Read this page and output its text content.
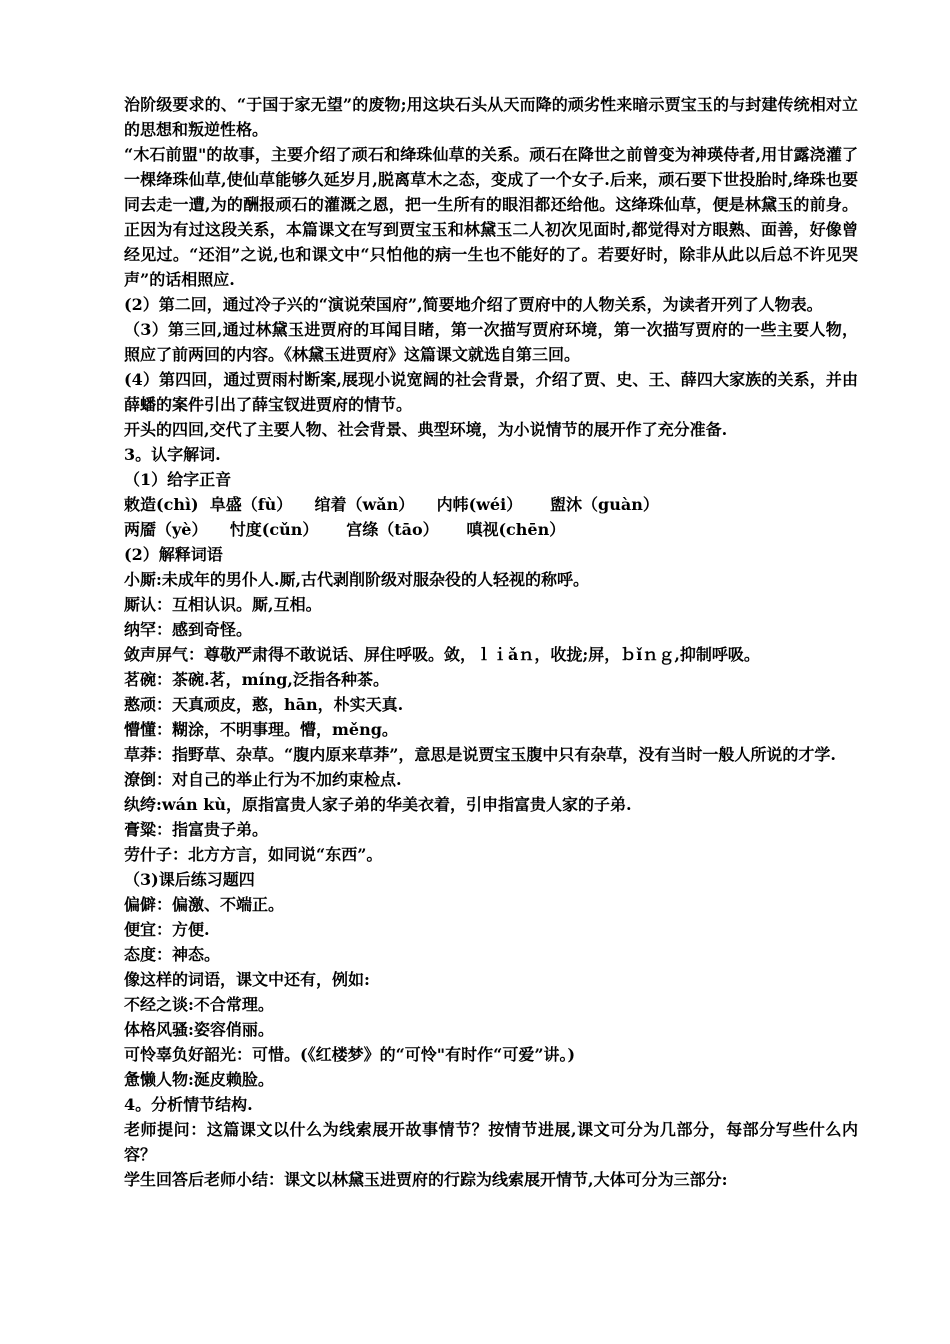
治阶级要求的、“于国于家无望”的废物;用这块石头从天而降的顽劣性来暗示贾宝玉的与封建传统相对立的思想和叛逆性格。

“木石前盟"的故事，主要介绍了顽石和绛珠仙草的关系。顽石在降世之前曾变为神瑛侍者,用甘露浇灌了一棵绛珠仙草,使仙草能够久延岁月,脱离草木之态，变成了一个女子.后来，顽石要下世投胎时,绛珠也要同去走一遭,为的酬报顽石的灌溉之恩，把一生所有的眼泪都还给他。这绛珠仙草，便是林黛玉的前身。正因为有过这段关系，本篇课文在写到贾宝玉和林黛玉二人初次见面时,都觉得对方眼熟、面善，好像曾经见过。“还泪”之说,也和课文中“只怕他的病一生也不能好的了。若要好时，除非从此以后总不许见哭声”的话相照应.

(2）第二回，通过冷子兴的“演说荣国府”,简要地介绍了贾府中的人物关系，为读者开列了人物表。

（3）第三回,通过林黛玉进贾府的耳闻目睹，第一次描写贾府环境，第一次描写贾府的一些主要人物，照应了前两回的内容。《林黛玉进贾府》这篇课文就选自第三回。

(4）第四回，通过贾雨村断案,展现小说宽阔的社会背景，介绍了贾、史、王、薛四大家族的关系，并由薛蟠的案件引出了薛宝钗进贾府的情节。

开头的四回,交代了主要人物、社会背景、典型环境，为小说情节的展开作了充分准备.

3。认字解词.

（1）给字正音

敕造(chì)  阜盛（fù）    绾着（wǎn）    内帏(wéi）     盥沐（guàn）

两靥（yè）    忖度(cǔn）     宫绦（tāo）     嗔视(chēn）

(2）解释词语

小厮:未成年的男仆人.厮,古代剥削阶级对服杂役的人轻视的称呼。

厮认：互相认识。厮,互相。

纳罕：感到奇怪。

敛声屏气：尊敬严肃得不敢说话、屏住呼吸。敛，ｌｉǎｎ，收拢;屏，ｂǐｎｇ,抑制呼吸。

茗碗：茶碗.茗，míng,泛指各种茶。

憨顽：天真顽皮，憨，hān，朴实天真.

懵懂：糊涂，不明事理。懵，měng。

草莽：指野草、杂草。“腹内原来草莽”，意思是说贾宝玉腹中只有杂草，没有当时一般人所说的才学.

潦倒：对自己的举止行为不加约束检点.

纨绔:wán kù，原指富贵人家子弟的华美衣着，引申指富贵人家的子弟.

膏粱：指富贵子弟。

劳什子：北方方言，如同说“东西”。

（3)课后练习题四

偏僻：偏激、不端正。

便宜：方便.

态度：神态。

像这样的词语，课文中还有，例如:

不经之谈:不合常理。

体格风骚:姿容俏丽。

可怜辜负好韶光：可惜。(《红楼梦》的“可怜"有时作“可爱”讲。)

惫懒人物:涎皮赖脸。

4。分析情节结构.

老师提问：这篇课文以什么为线索展开故事情节？按情节进展,课文可分为几部分，每部分写些什么内容？

学生回答后老师小结：课文以林黛玉进贾府的行踪为线索展开情节,大体可分为三部分:
